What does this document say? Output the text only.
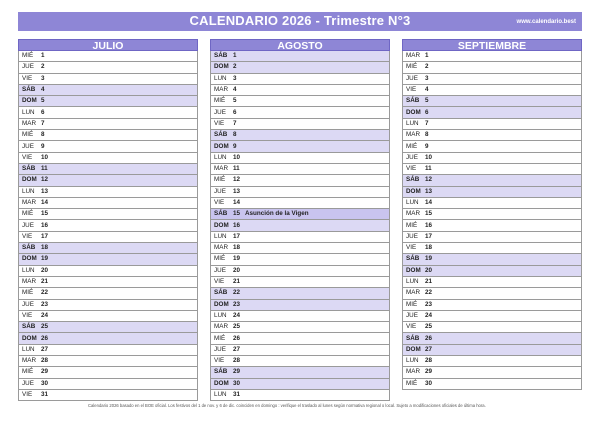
CALENDARIO 2026 - Trimestre N°3	www.calendario.best
JULIO
MIÉ	1
JUE	2
VIE	3
SÁB 4
DOM 5
LUN	6
MAR 7
MIÉ	8
JUE	9
VIE	10
SÁB 11
DOM 12
LUN	13
MAR 14
MIÉ	15
JUE	16
VIE	17
SÁB 18
DOM 19
LUN	20
MAR 21
MIÉ	22
JUE	23
VIE	24
SÁB 25
DOM 26
LUN	27
MAR 28
MIÉ	29
JUE	30
VIE	31
AGOSTO
SÁB 1
DOM 2
LUN	3
MAR 4
MIÉ	5
JUE	6
VIE	7
SÁB 8
DOM 9
LUN	10
MAR 11
MIÉ	12
JUE	13
VIE	14
SÁB 15 Asunción de la Vigen
DOM 16
LUN	17
MAR 18
MIÉ	19
JUE	20
VIE	21
SÁB 22
DOM 23
LUN	24
MAR 25
MIÉ	26
JUE	27
VIE	28
SÁB 29
DOM 30
LUN	31
SEPTIEMBRE
MAR 1
MIÉ	2
JUE	3
VIE	4
SÁB 5
DOM 6
LUN	7
MAR 8
MIÉ	9
JUE	10
VIE	11
SÁB 12
DOM 13
LUN	14
MAR 15
MIÉ	16
JUE	17
VIE	18
SÁB 19
DOM 20
LUN	21
MAR 22
MIÉ	23
JUE	24
VIE	25
SÁB 26
DOM 27
LUN	28
MAR 29
MIÉ	30
Calendario 2026 basado en el BOE oficial. Los festivos del 1 de nov. y 6 de dic. coinciden en domingo : verifique el traslado al lunes según normativa regional o local. Sujeto a modificaciones oficiales de última hora.
